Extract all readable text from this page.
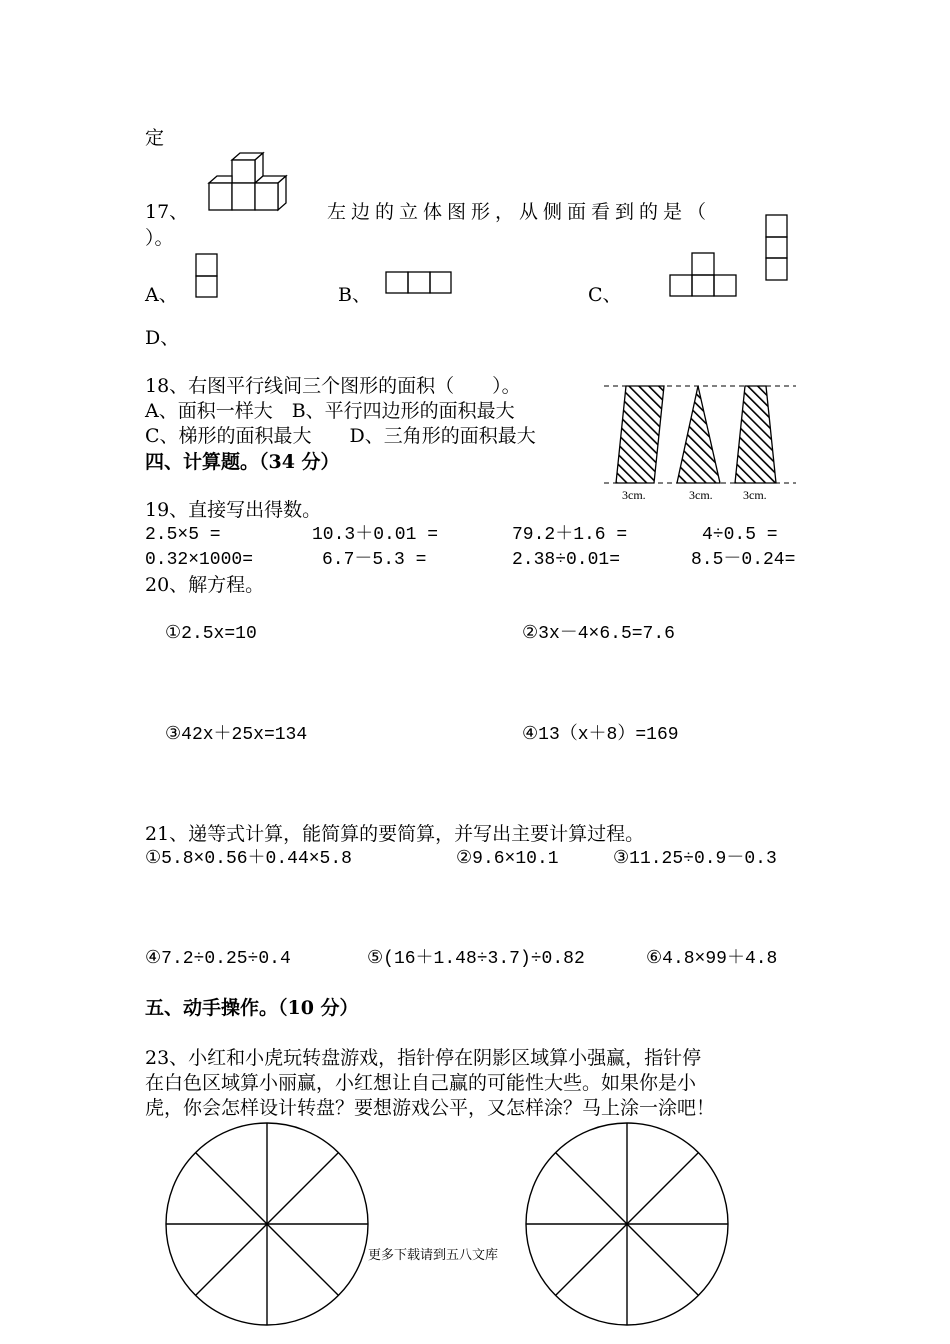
定
17、	左边的立体图形，从侧面看到的是（
）。
A、	B、	C、
D、
18、右图平行线间三个图形的面积（　　）。
A、面积一样大　B、平行四边形的面积最大
C、梯形的面积最大　　D、三角形的面积最大
3cm.	3cm.	3cm.
四、计算题。（34 分）
19、直接写出得数。
2.5×5 =	10.3＋0.01 =	79.2＋1.6 =	4÷0.5 =
0.32×1000=	6.7－5.3 =	2.38÷0.01=	8.5－0.24=
20、解方程。
①2.5x=10	②3x－4×6.5=7.6
③42x＋25x=134	④13（x＋8）=169
21、递等式计算，能简算的要简算，并写出主要计算过程。
①5.8×0.56＋0.44×5.8	②9.6×10.1	③11.25÷0.9－0.3
④7.2÷0.25÷0.4	⑤(16＋1.48÷3.7)÷0.82	⑥4.8×99＋4.8
五、动手操作。（10 分）
23、小红和小虎玩转盘游戏，指针停在阴影区域算小强赢，指针停
在白色区域算小丽赢，小红想让自己赢的可能性大些。如果你是小
虎，你会怎样设计转盘？要想游戏公平，又怎样涂？马上涂一涂吧！
更多下载请到五八文库
